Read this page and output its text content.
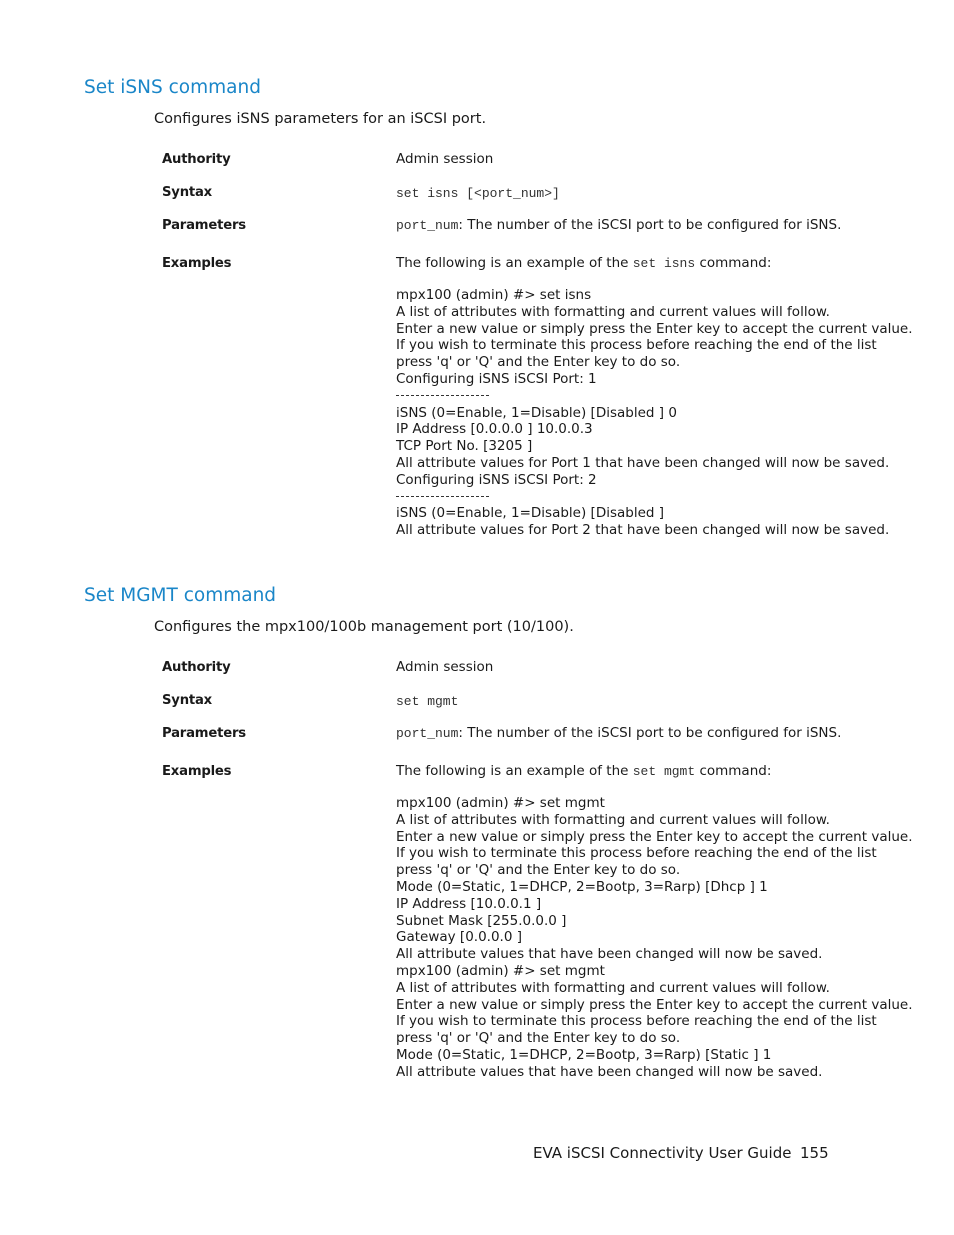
Set iSNS command
Configures iSNS parameters for an iSCSI port.
Authority	Admin session
Syntax	set isns [<port_num>]
Parameters	port_num: The number of the iSCSI port to be configured for iSNS.
Examples	The following is an example of the set isns command:
mpx100 (admin) #> set isns
A list of attributes with formatting and current values will follow.
Enter a new value or simply press the Enter key to accept the current value.
If you wish to terminate this process before reaching the end of the list
press 'q' or 'Q' and the Enter key to do so.
Configuring iSNS iSCSI Port: 1
iSNS (0=Enable, 1=Disable) [Disabled ] 0
IP Address [0.0.0.0 ] 10.0.0.3
TCP Port No. [3205 ]
All attribute values for Port 1 that have been changed will now be saved.
Configuring iSNS iSCSI Port: 2
iSNS (0=Enable, 1=Disable) [Disabled ]
All attribute values for Port 2 that have been changed will now be saved.
Set MGMT command
Configures the mpx100/100b management port (10/100).
Authority	Admin session
Syntax	set mgmt
Parameters	port_num: The number of the iSCSI port to be configured for iSNS.
Examples	The following is an example of the set mgmt command:
mpx100 (admin) #> set mgmt
A list of attributes with formatting and current values will follow.
Enter a new value or simply press the Enter key to accept the current value.
If you wish to terminate this process before reaching the end of the list
press 'q' or 'Q' and the Enter key to do so.
Mode (0=Static, 1=DHCP, 2=Bootp, 3=Rarp) [Dhcp ] 1
IP Address [10.0.0.1 ]
Subnet Mask [255.0.0.0 ]
Gateway [0.0.0.0 ]
All attribute values that have been changed will now be saved.
mpx100 (admin) #> set mgmt
A list of attributes with formatting and current values will follow.
Enter a new value or simply press the Enter key to accept the current value.
If you wish to terminate this process before reaching the end of the list
press 'q' or 'Q' and the Enter key to do so.
Mode (0=Static, 1=DHCP, 2=Bootp, 3=Rarp) [Static ] 1
All attribute values that have been changed will now be saved.
EVA iSCSI Connectivity User Guide 155
